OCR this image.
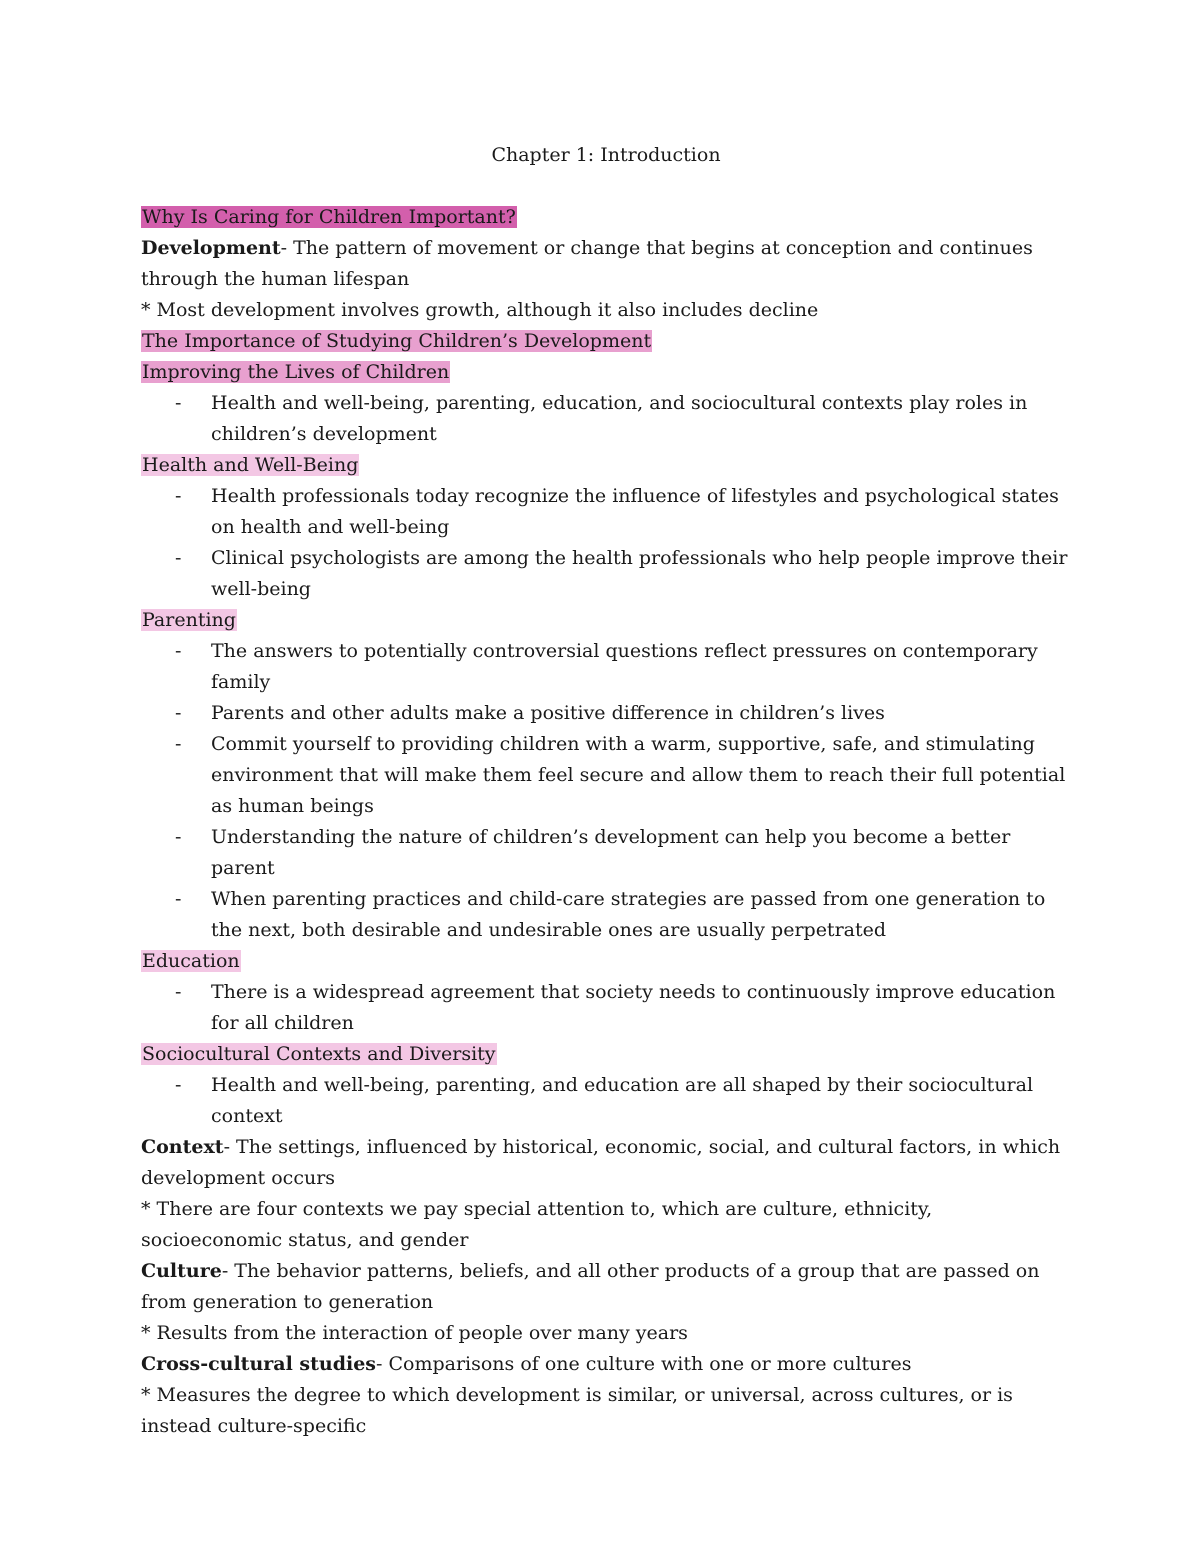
Chapter 1: Introduction
Why Is Caring for Children Important?
Development- The pattern of movement or change that begins at conception and continues through the human lifespan
* Most development involves growth, although it also includes decline
The Importance of Studying Children’s Development
Improving the Lives of Children
- Health and well-being, parenting, education, and sociocultural contexts play roles in children’s development
Health and Well-Being
- Health professionals today recognize the influence of lifestyles and psychological states on health and well-being
- Clinical psychologists are among the health professionals who help people improve their well-being
Parenting
- The answers to potentially controversial questions reflect pressures on contemporary family
- Parents and other adults make a positive difference in children’s lives
- Commit yourself to providing children with a warm, supportive, safe, and stimulating environment that will make them feel secure and allow them to reach their full potential as human beings
- Understanding the nature of children’s development can help you become a better parent
- When parenting practices and child-care strategies are passed from one generation to the next, both desirable and undesirable ones are usually perpetrated
Education
- There is a widespread agreement that society needs to continuously improve education for all children
Sociocultural Contexts and Diversity
- Health and well-being, parenting, and education are all shaped by their sociocultural context
Context- The settings, influenced by historical, economic, social, and cultural factors, in which development occurs
* There are four contexts we pay special attention to, which are culture, ethnicity, socioeconomic status, and gender
Culture- The behavior patterns, beliefs, and all other products of a group that are passed on from generation to generation
* Results from the interaction of people over many years
Cross-cultural studies- Comparisons of one culture with one or more cultures
* Measures the degree to which development is similar, or universal, across cultures, or is instead culture-specific
